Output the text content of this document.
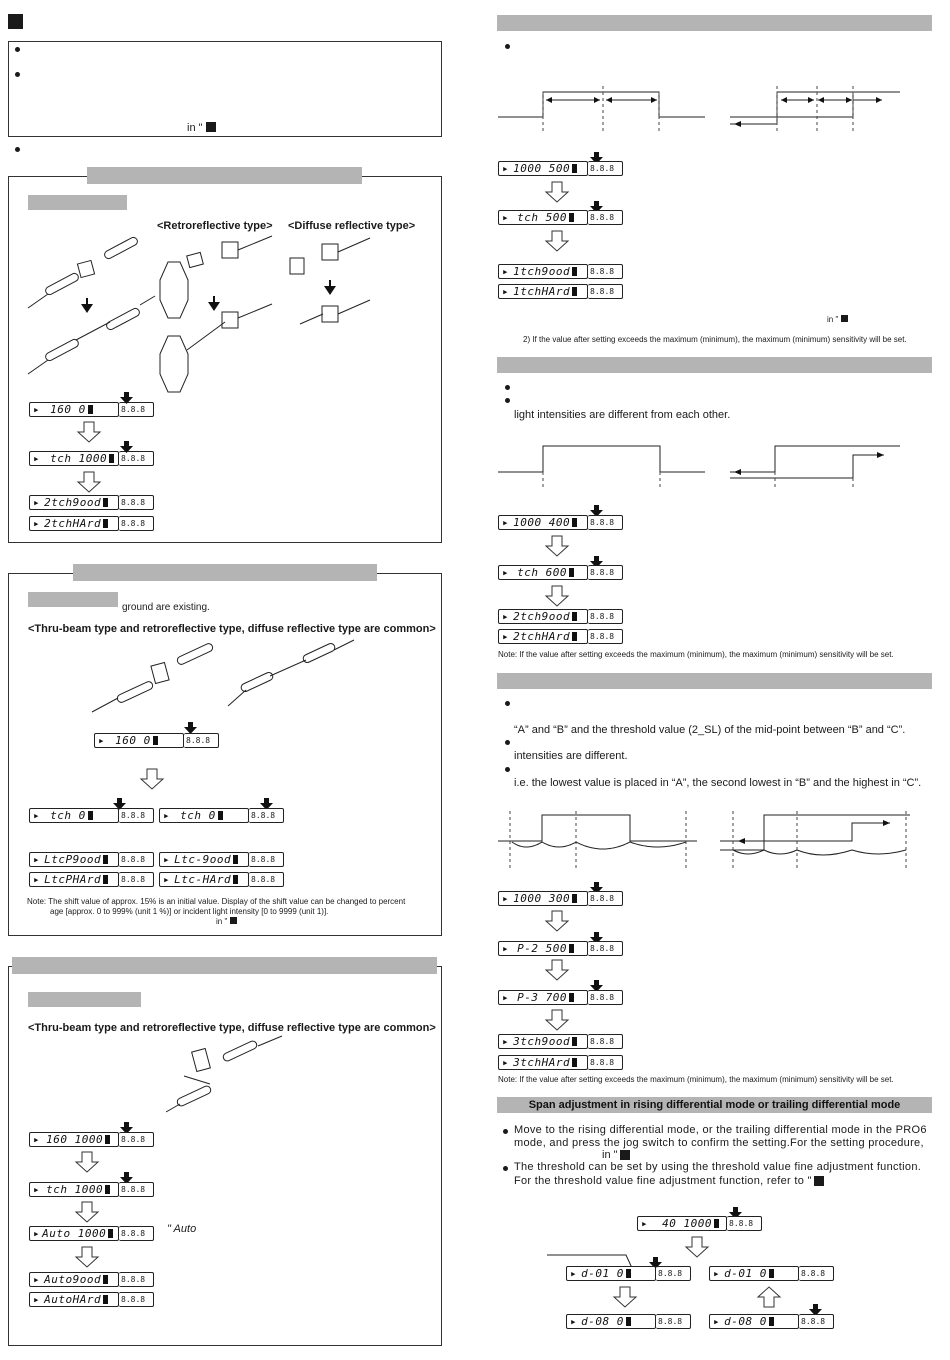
in "
<Retroreflective type> <Diffuse reflective type>
▸ 160 0	8.8.8
▸ tch 1000 8.8.8
▸ 2tch9ood 8.8.8
▸ 2tchHArd 8.8.8
ground are existing.
<Thru-beam type and retroreflective type, diffuse reflective type are common>
▸ 160 0	8.8.8
▸ tch 0	8.8.8	▸ tch 0	8.8.8
▸ LtcP9ood 8.8.8	▸ Ltc-9ood 8.8.8
▸ LtcPHArd 8.8.8	▸ Ltc-HArd 8.8.8
Note: The shift value of approx. 15% is an initial value. Display of the shift value can be changed to percent
age [approx. 0 to 999% (unit 1 %)] or incident light intensity [0 to 9999 (unit 1)].
in "
<Thru-beam type and retroreflective type, diffuse reflective type are common>
▸ 160 1000 8.8.8
▸ tch 1000 8.8.8
▸ Auto 1000 8.8.8	" Auto
▸ Auto9ood 8.8.8
▸ AutoHArd 8.8.8
▸ 1000 500 8.8.8
▸ tch 500	8.8.8
▸ 1tch9ood 8.8.8
▸ 1tchHArd 8.8.8
in "
2) If the value after setting exceeds the maximum (minimum), the maximum (minimum) sensitivity will be set.
light intensities are different from each other.
▸ 1000 400 8.8.8
▸ tch 600	8.8.8
▸ 2tch9ood 8.8.8
▸ 2tchHArd 8.8.8
Note: If the value after setting exceeds the maximum (minimum), the maximum (minimum) sensitivity will be set.
“A” and “B” and the threshold value (2_SL) of the mid-point between “B” and “C”.
intensities are different.
i.e. the lowest value is placed in “A”, the second lowest in “B” and the highest in “C”.
▸ 1000 300 8.8.8
▸ P-2 500	8.8.8
▸ P-3 700	8.8.8
▸ 3tch9ood 8.8.8
▸ 3tchHArd 8.8.8
Note: If the value after setting exceeds the maximum (minimum), the maximum (minimum) sensitivity will be set.
Span adjustment in rising differential mode or trailing differential mode
Move to the rising differential mode, or the trailing differential mode in the PRO6
mode, and press the jog switch to confirm the setting.For the setting procedure,
in "
The threshold can be set by using the threshold value fine adjustment function.
For the threshold value fine adjustment function, refer to "
▸ 40 1000 8.8.8
▸ d-01 0	8.8.8	▸ d-01 0	8.8.8
▸ d-08 0	8.8.8	▸ d-08 0	8.8.8
